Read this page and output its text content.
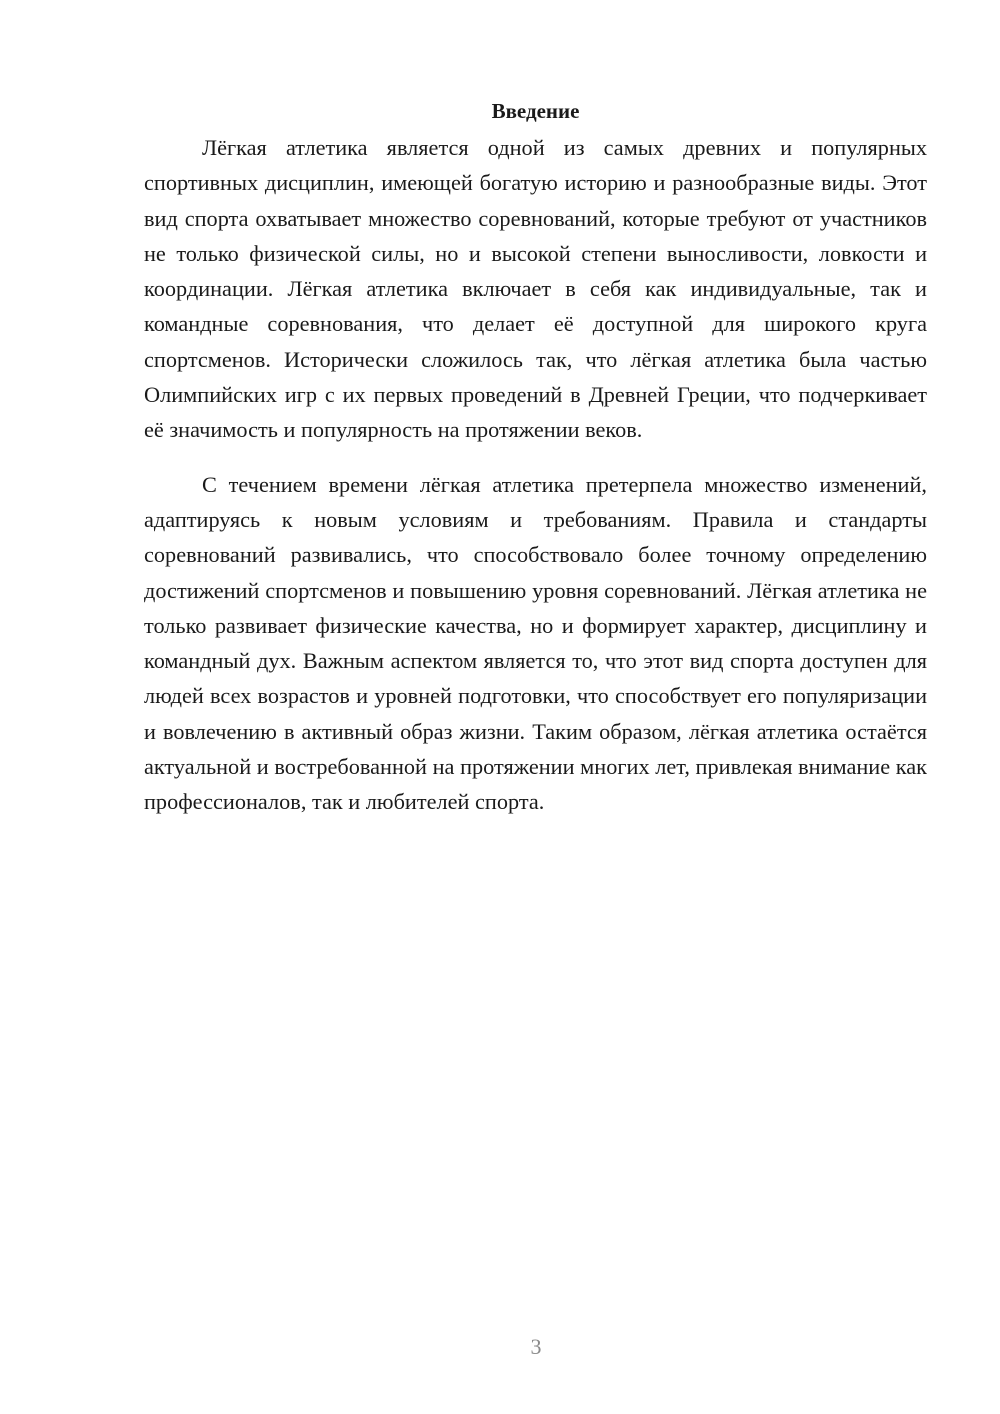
Введение

Лёгкая атлетика является одной из самых древних и популярных спортивных дисциплин, имеющей богатую историю и разнообразные виды. Этот вид спорта охватывает множество соревнований, которые требуют от участников не только физической силы, но и высокой степени выносливости, ловкости и координации. Лёгкая атлетика включает в себя как индивидуальные, так и командные соревнования, что делает её доступной для широкого круга спортсменов. Исторически сложилось так, что лёгкая атлетика была частью Олимпийских игр с их первых проведений в Древней Греции, что подчеркивает её значимость и популярность на протяжении веков.

С течением времени лёгкая атлетика претерпела множество изменений, адаптируясь к новым условиям и требованиям. Правила и стандарты соревнований развивались, что способствовало более точному определению достижений спортсменов и повышению уровня соревнований. Лёгкая атлетика не только развивает физические качества, но и формирует характер, дисциплину и командный дух. Важным аспектом является то, что этот вид спорта доступен для людей всех возрастов и уровней подготовки, что способствует его популяризации и вовлечению в активный образ жизни. Таким образом, лёгкая атлетика остаётся актуальной и востребованной на протяжении многих лет, привлекая внимание как профессионалов, так и любителей спорта.

3
